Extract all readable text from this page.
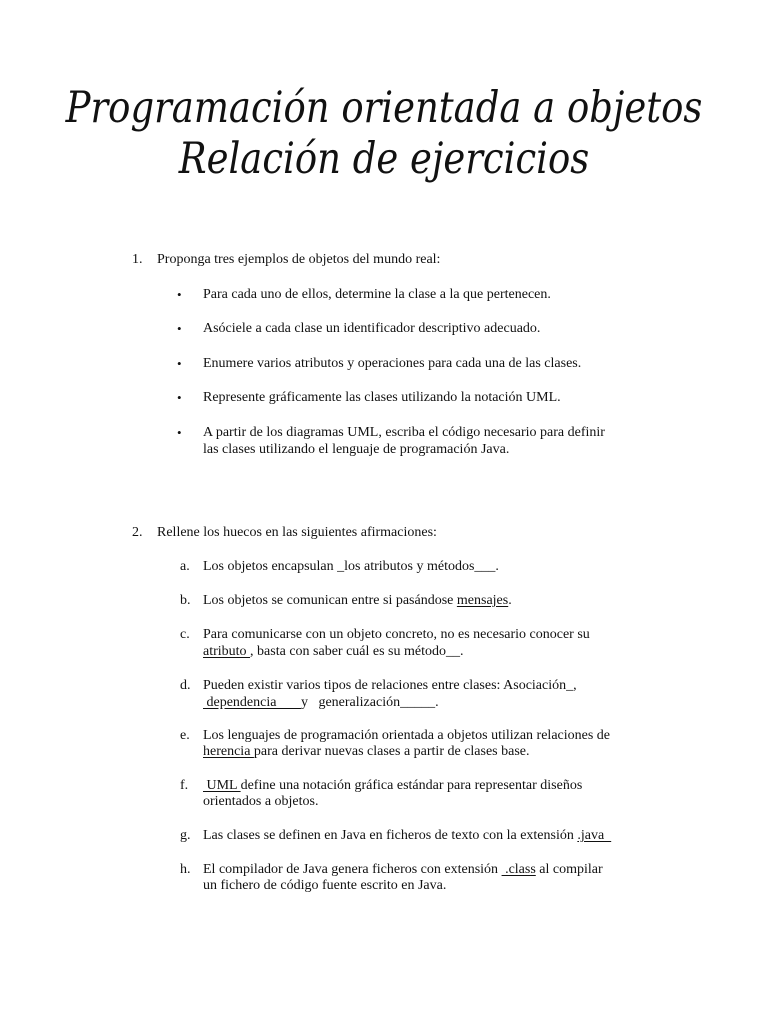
Programación orientada a objetos
Relación de ejercicios
1. Proponga tres ejemplos de objetos del mundo real:
• Para cada uno de ellos, determine la clase a la que pertenecen.
• Asóciele a cada clase un identificador descriptivo adecuado.
• Enumere varios atributos y operaciones para cada una de las clases.
• Represente gráficamente las clases utilizando la notación UML.
• A partir de los diagramas UML, escriba el código necesario para definir
las clases utilizando el lenguaje de programación Java.
2. Rellene los huecos en las siguientes afirmaciones:
a. Los objetos encapsulan _los atributos y métodos___.
b. Los objetos se comunican entre si pasándose mensajes.
c. Para comunicarse con un objeto concreto, no es necesario conocer su
atributo , basta con saber cuál es su método__.
d. Pueden existir varios tipos de relaciones entre clases: Asociación_,
dependencia       y   generalización_____.
e. Los lenguajes de programación orientada a objetos utilizan relaciones de
herencia para derivar nuevas clases a partir de clases base.
f. UML define una notación gráfica estándar para representar diseños
orientados a objetos.
g. Las clases se definen en Java en ficheros de texto con la extensión .java
h. El compilador de Java genera ficheros con extensión  .class al compilar
un fichero de código fuente escrito en Java.
